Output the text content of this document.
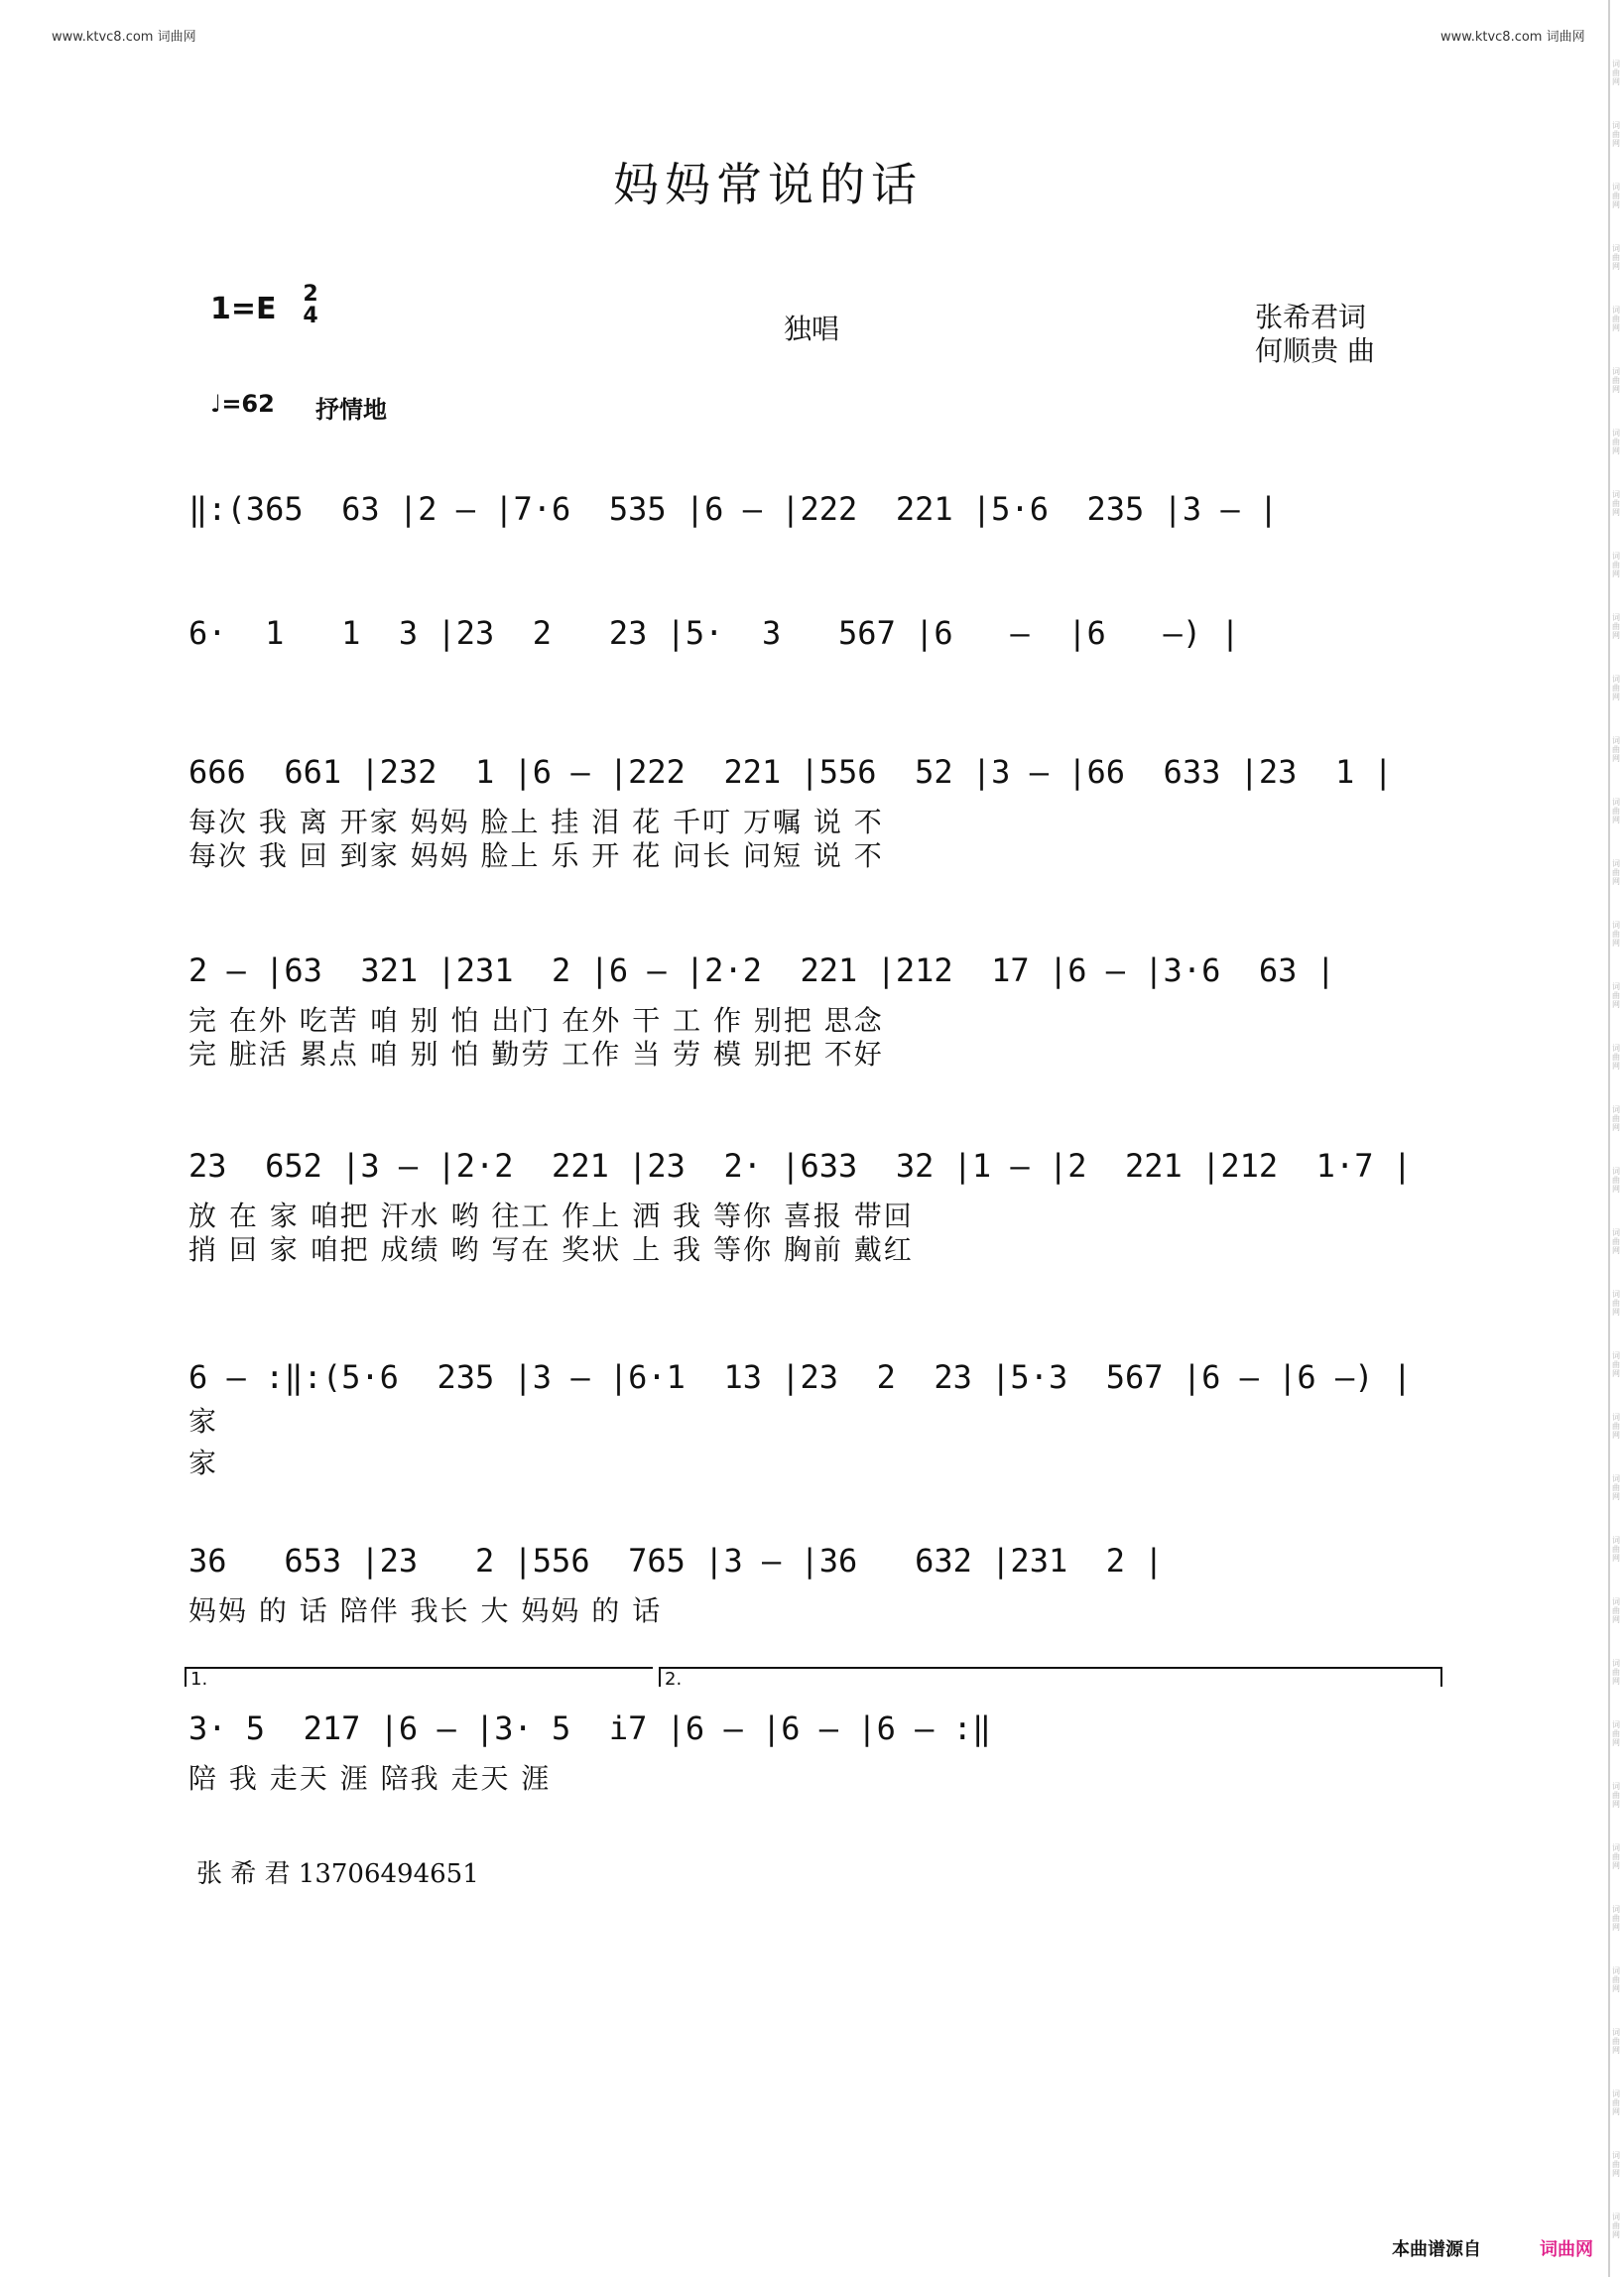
www.ktvc8.com 词曲网	www.ktvc8.com 词曲网
词
曲
网
词
曲
网
词
曲
网
词
曲
网
词
曲
网
词
曲
网
词
曲
网
词
曲
网
词
曲
网
词
曲
网
词
曲
网
词
曲
网
词
曲
网
词
曲
网
词
曲
网
词
曲
网
词
曲
网
词
曲
网
词
曲
网
词
曲
网
词
曲
网
词
曲
网
词
曲
网
词
曲
网
词
曲
网
词
曲
网
词
曲
网
词
曲
网
词
曲
网
词
曲
网
词
曲
网
词
曲
网
词
曲
网
词
曲
网
词
曲
网
词
曲
网
妈妈常说的话
1=E 2
4	独唱	张希君词
何顺贵 曲
♩=62 抒情地
‖:(365  63 |2 – |7·6  535 |6 – |222  221 |5·6  235 |3 – |
6·  1   1  3 |23  2   23 |5·  3   567 |6   –  |6   –) |
666  661 |232  1 |6 – |222  221 |556  52 |3 – |66  633 |23  1 |
每次 我 离 开家 妈妈 脸上 挂 泪 花 千叮 万嘱 说 不
每次 我 回 到家 妈妈 脸上 乐 开 花 问长 问短 说 不
2 – |63  321 |231  2 |6 – |2·2  221 |212  17 |6 – |3·6  63 |
完 在外 吃苦 咱 别 怕 出门 在外 干 工 作 别把 思念
完 脏活 累点 咱 别 怕 勤劳 工作 当 劳 模 别把 不好
23  652 |3 – |2·2  221 |23  2· |633  32 |1 – |2  221 |212  1·7 |
放 在 家 咱把 汗水 哟 往工 作上 洒 我 等你 喜报 带回
捎 回 家 咱把 成绩 哟 写在 奖状 上 我 等你 胸前 戴红
6 – :‖:(5·6  235 |3 – |6·1  13 |23  2  23 |5·3  567 |6 – |6 –) |
家
家
36   653 |23   2 |556  765 |3 – |36   632 |231  2 |
妈妈 的 话 陪伴 我长 大 妈妈 的 话
1.	2.
3· 5  217 |6 – |3· 5  i7 |6 – |6 – |6 – :‖
陪 我 走天 涯 陪我 走天 涯
张 希 君 13706494651
本曲谱源自	词曲网
